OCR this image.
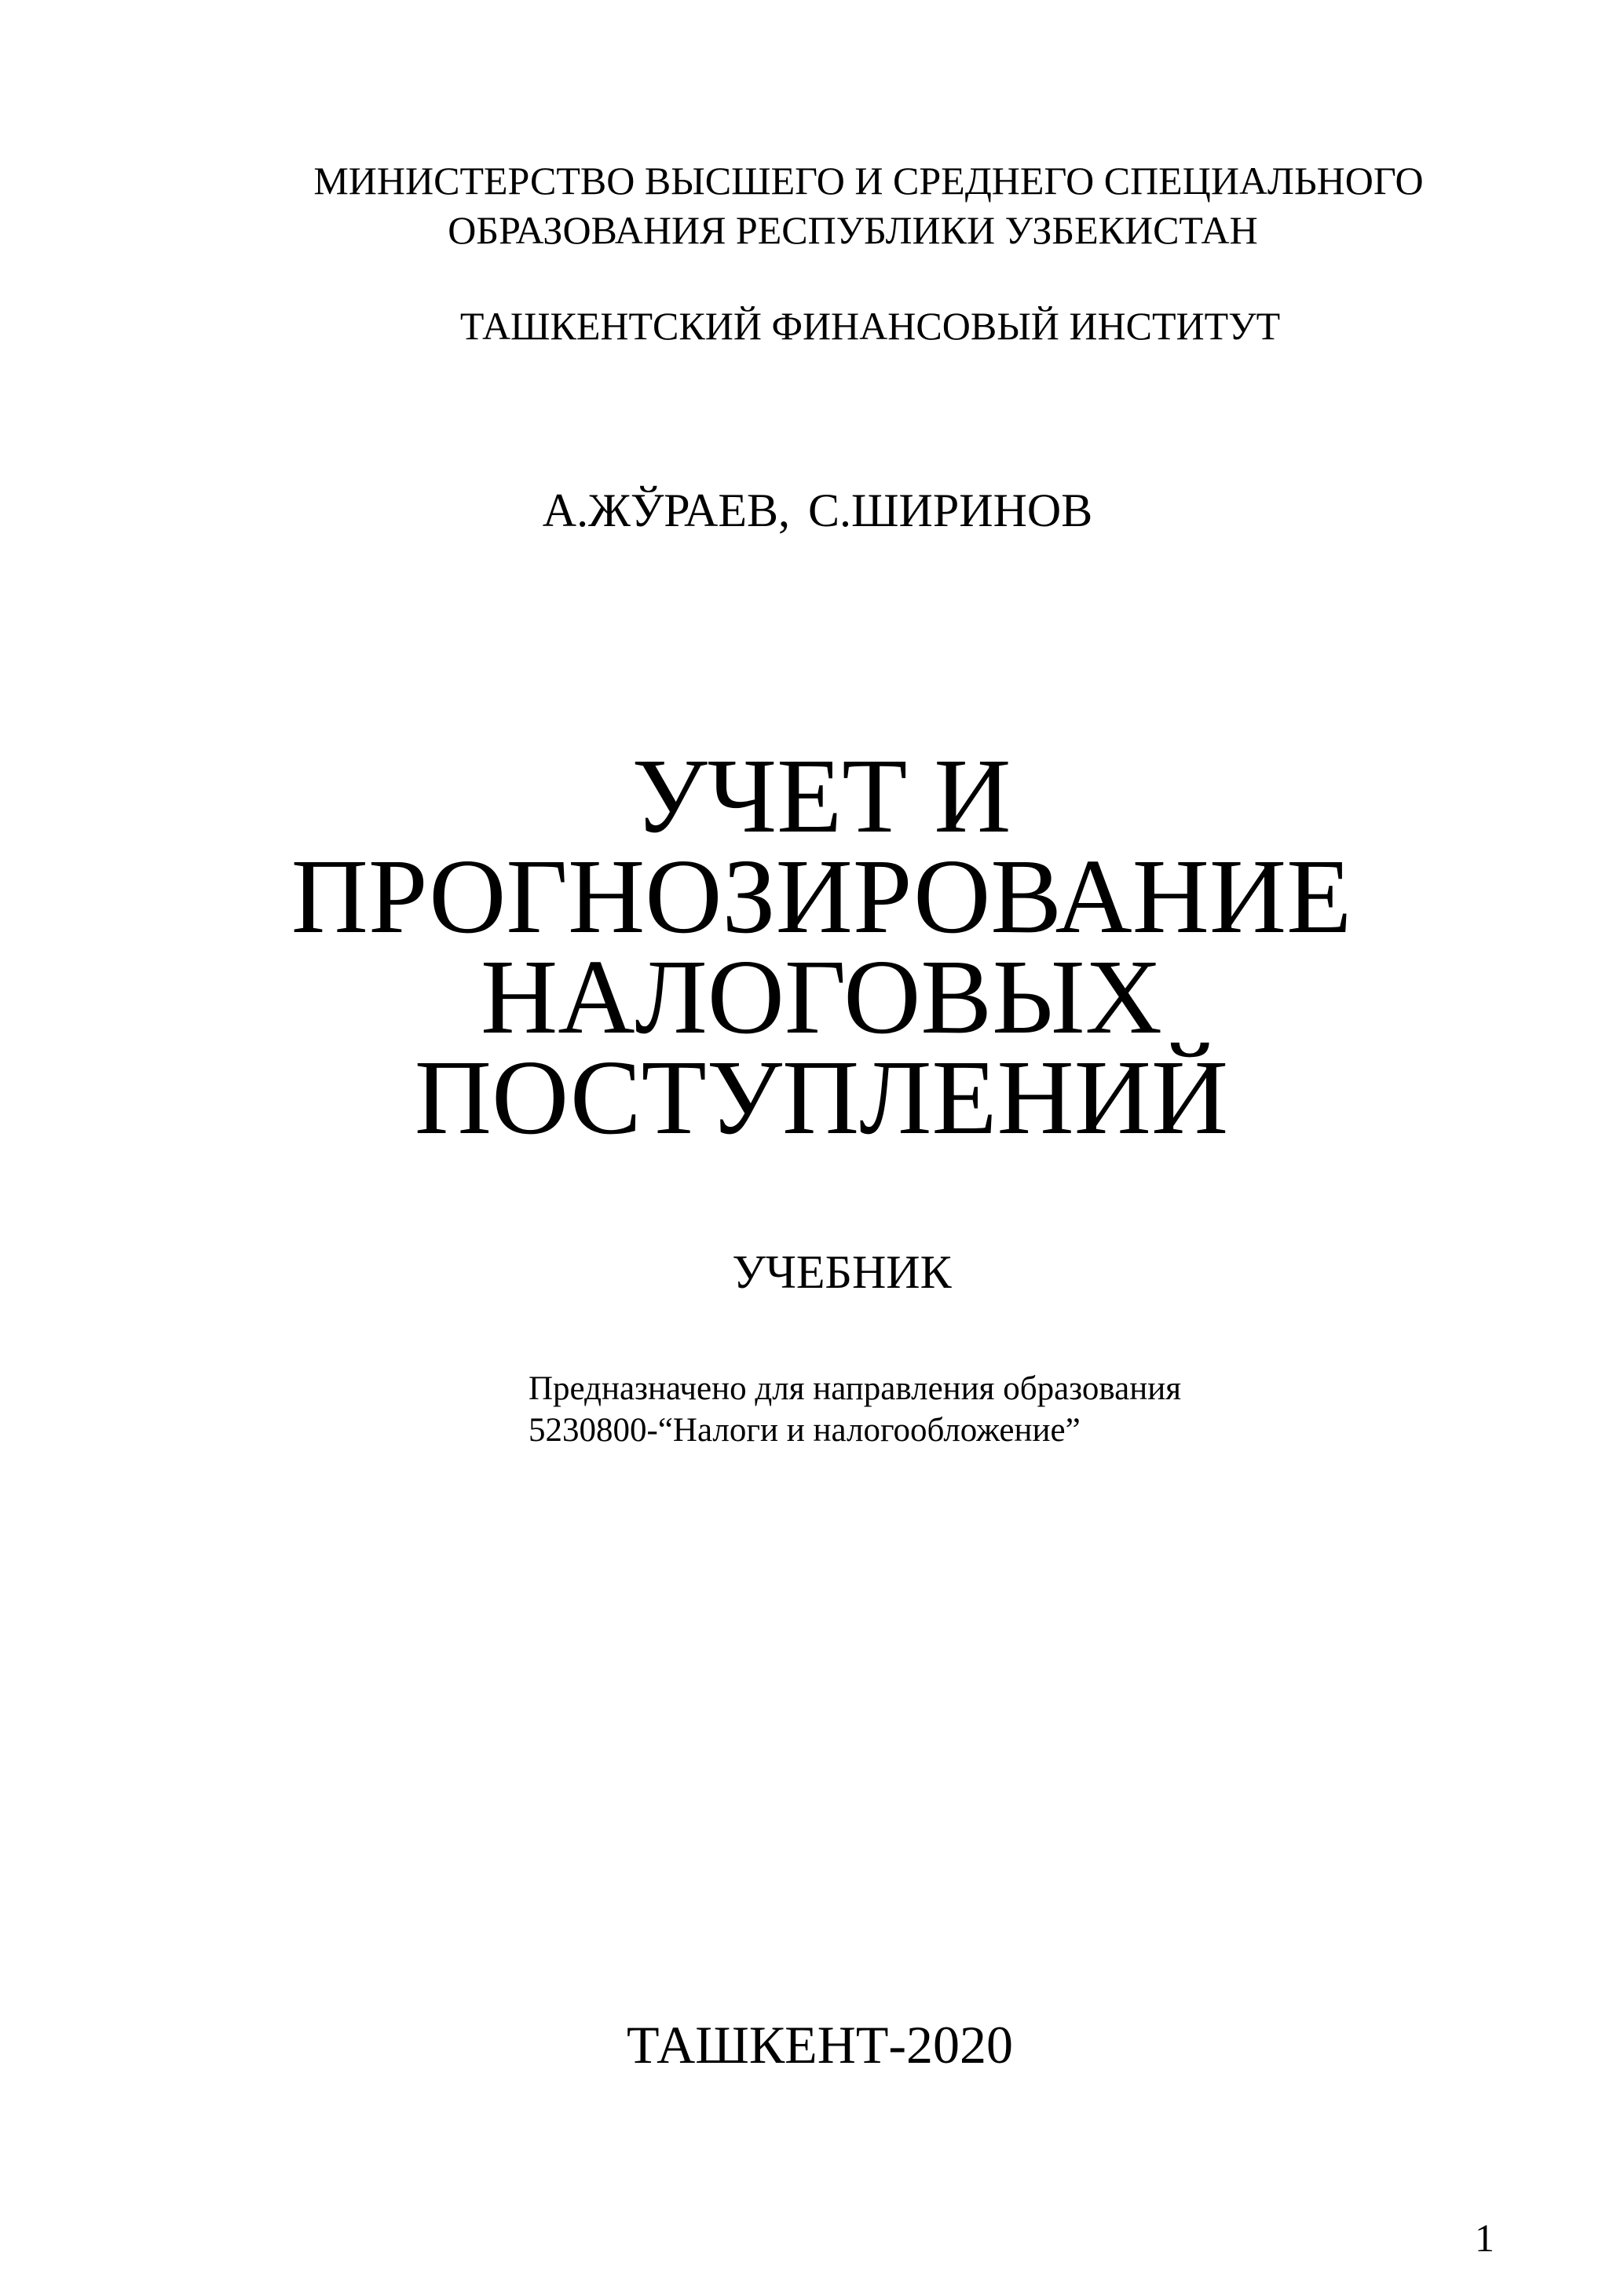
МИНИСТЕРСТВО ВЫСШЕГО И СРЕДНЕГО СПЕЦИАЛЬНОГО
ОБРАЗОВАНИЯ РЕСПУБЛИКИ УЗБЕКИСТАН
ТАШКЕНТСКИЙ ФИНАНСОВЫЙ ИНСТИТУТ
А.ЖЎРАЕВ, С.ШИРИНОВ
УЧЕТ И
ПРОГНОЗИРОВАНИЕ
НАЛОГОВЫХ
ПОСТУПЛЕНИЙ
УЧЕБНИК
Предназначено для направления образования
5230800-“Налоги и налогообложение”
ТАШКЕНТ-2020
1
